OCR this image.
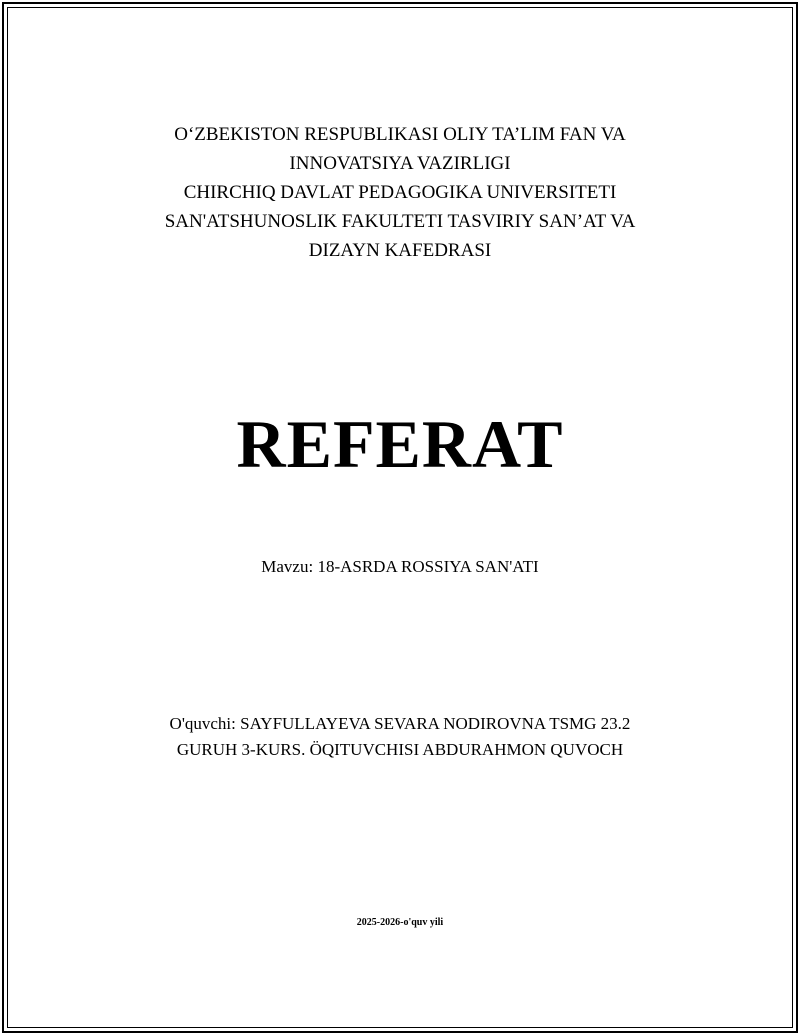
O‘ZBEKISTON RESPUBLIKASI OLIY TA’LIM FAN VA
INNOVATSIYA VAZIRLIGI
CHIRCHIQ DAVLAT PEDAGOGIKA UNIVERSITETI
SAN'ATSHUNOSLIK FAKULTETI TASVIRIY SAN’AT VA
DIZAYN KAFEDRASI
REFERAT
Mavzu: 18-ASRDA ROSSIYA SAN'ATI
O'quvchi: SAYFULLAYEVA SEVARA NODIROVNA TSMG 23.2
GURUH 3-KURS. ÖQITUVCHISI ABDURAHMON QUVOCH
2025-2026-o'quv yili
